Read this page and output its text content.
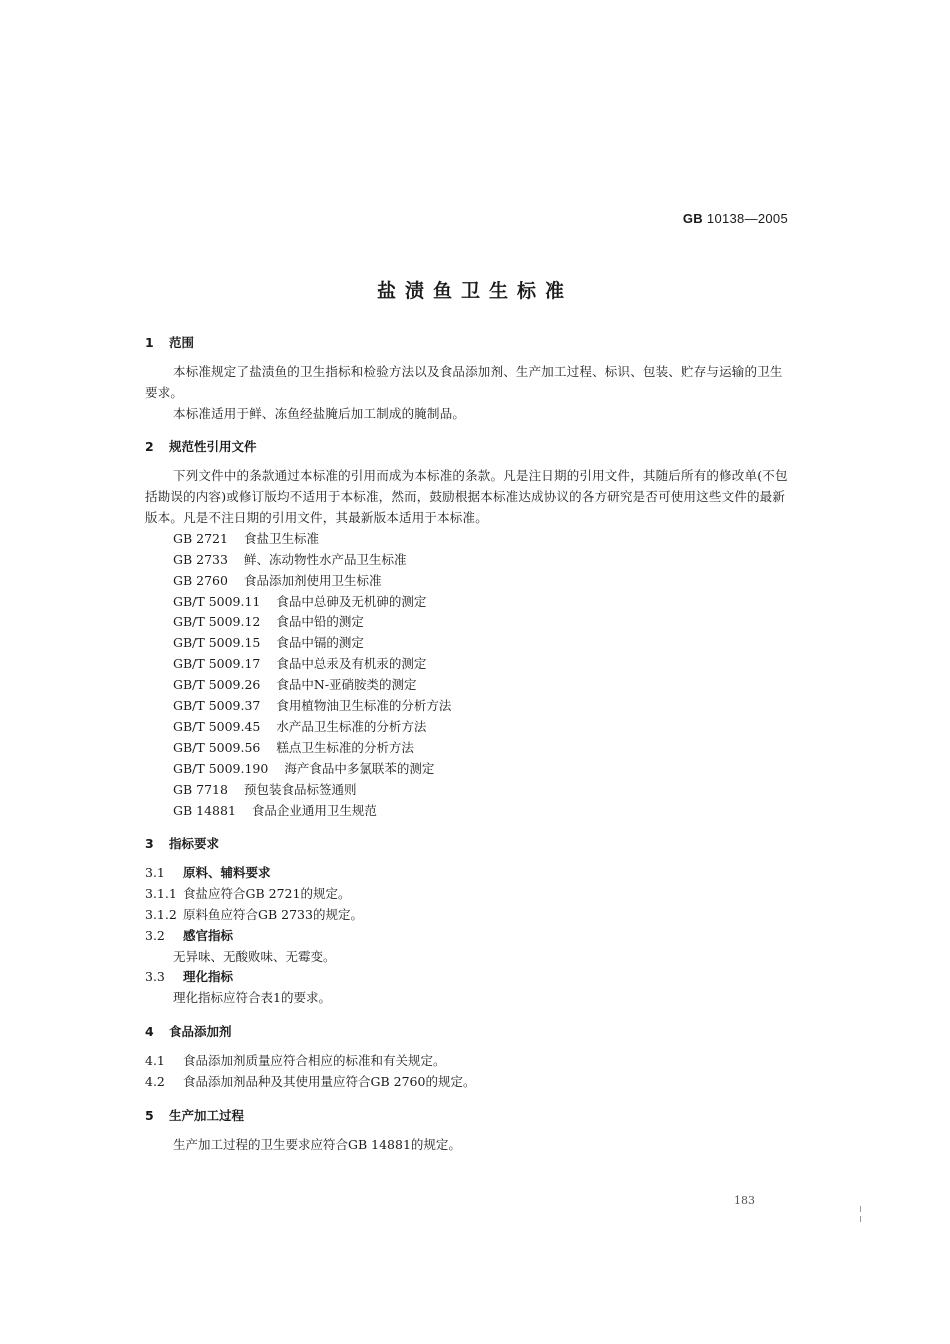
GB 10138—2005
盐渍鱼卫生标准
1 范围

本标准规定了盐渍鱼的卫生指标和检验方法以及食品添加剂、生产加工过程、标识、包装、贮存与运输的卫生要求。

本标准适用于鲜、冻鱼经盐腌后加工制成的腌制品。

2 规范性引用文件

下列文件中的条款通过本标准的引用而成为本标准的条款。凡是注日期的引用文件，其随后所有的修改单(不包括勘误的内容)或修订版均不适用于本标准，然而，鼓励根据本标准达成协议的各方研究是否可使用这些文件的最新版本。凡是不注日期的引用文件，其最新版本适用于本标准。

GB 2721 食盐卫生标准
GB 2733 鲜、冻动物性水产品卫生标准
GB 2760 食品添加剂使用卫生标准
GB/T 5009.11 食品中总砷及无机砷的测定
GB/T 5009.12 食品中铅的测定
GB/T 5009.15 食品中镉的测定
GB/T 5009.17 食品中总汞及有机汞的测定
GB/T 5009.26 食品中N-亚硝胺类的测定
GB/T 5009.37 食用植物油卫生标准的分析方法
GB/T 5009.45 水产品卫生标准的分析方法
GB/T 5009.56 糕点卫生标准的分析方法
GB/T 5009.190 海产食品中多氯联苯的测定
GB 7718 预包装食品标签通则
GB 14881 食品企业通用卫生规范
3 指标要求
3.1 原料、辅料要求
3.1.1 食盐应符合GB 2721的规定。
3.1.2 原料鱼应符合GB 2733的规定。
3.2 感官指标

无异味、无酸败味、无霉变。

3.3 理化指标

理化指标应符合表1的要求。

4 食品添加剂
4.1 食品添加剂质量应符合相应的标准和有关规定。
4.2 食品添加剂品种及其使用量应符合GB 2760的规定。
5 生产加工过程

生产加工过程的卫生要求应符合GB 14881的规定。

183
